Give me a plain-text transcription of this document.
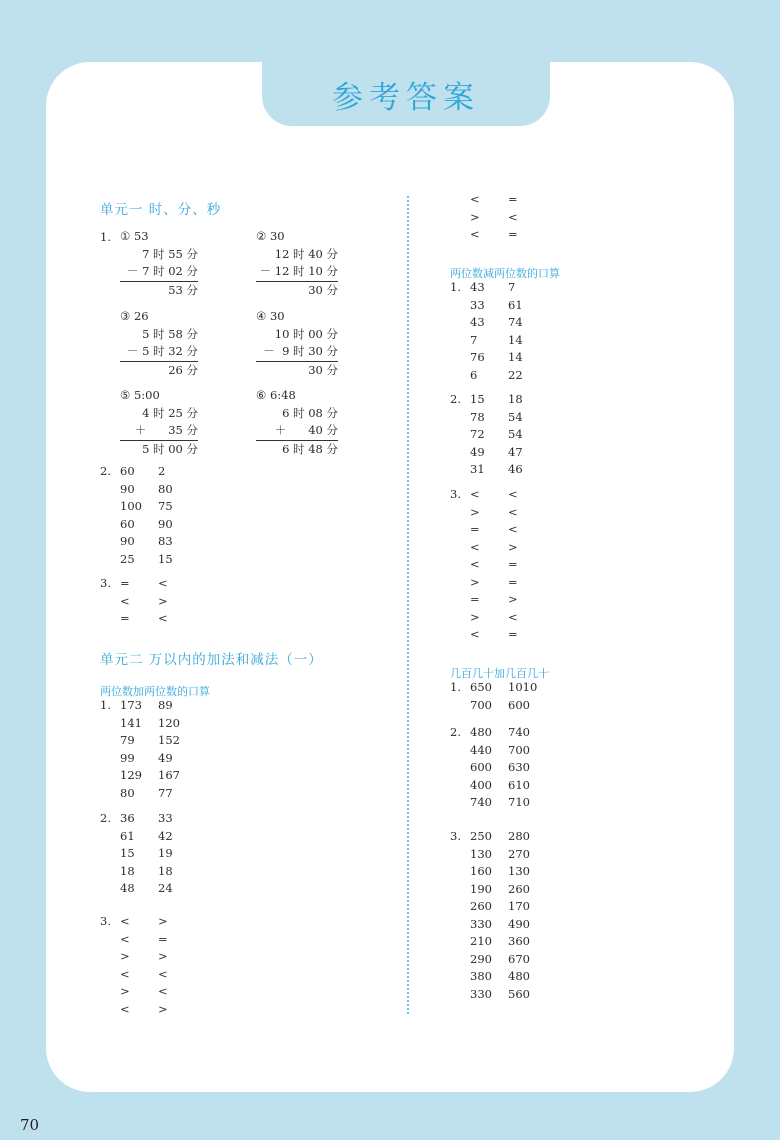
参考答案
70
单元一 时、分、秒
1. ① 53
7 时 55 分
－ 7 时 02 分
53 分
② 30
12 时 40 分
－ 12 时 10 分
30 分
③ 26
5 时 58 分
－ 5 时 32 分
26 分
④ 30
10 时 00 分
－  9 时 30 分
30 分
⑤ 5:00
4 时 25 分
＋      35 分
5 时 00 分
⑥ 6:48
6 时 08 分
＋      40 分
6 时 48 分
2. 60 2
90 80
100 75
60 90
90 83
25 15
3. = <
< >
= <
单元二 万以内的加法和减法（一）
两位数加两位数的口算
1. 173 89
141 120
79 152
99 49
129 167
80 77
2. 36 33
61 42
15 19
18 18
48 24
3. < >
< =
> >
< <
> <
< >
< =
> <
< =
两位数减两位数的口算
1. 43 7
33 61
43 74
7	14
76 14
6	22
2. 15 18
78 54
72 54
49 47
31 46
3. < <
> <
= <
< >
< =
> =
= >
> <
< =
几百几十加几百几十
1. 650 1010
700 600
2. 480 740
440 700
600 630
400 610
740 710
3. 250 280
130 270
160 130
190 260
260 170
330 490
210 360
290 670
380 480
330 560
